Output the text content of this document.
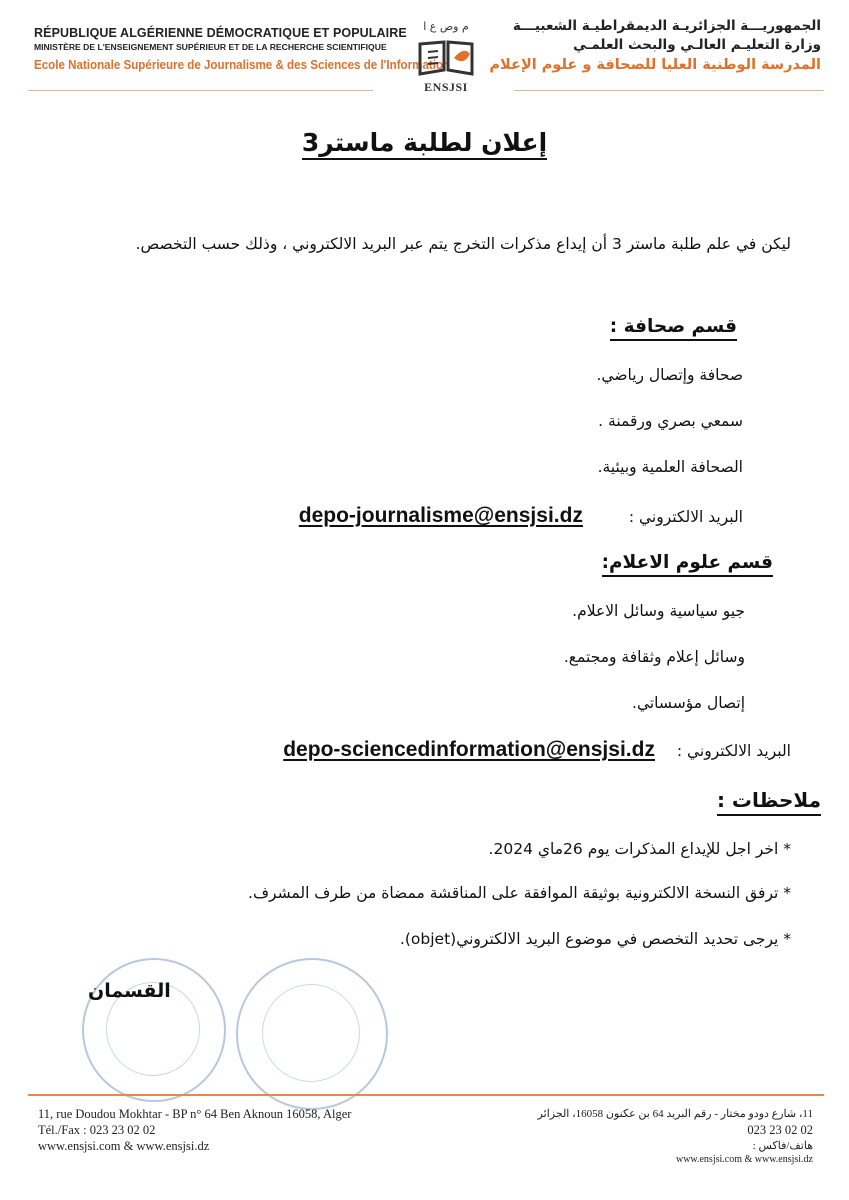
RÉPUBLIQUE ALGÉRIENNE DÉMOCRATIQUE ET POPULAIRE
MINISTÈRE DE L'ENSEIGNEMENT SUPÉRIEUR ET DE LA RECHERCHE SCIENTIFIQUE
Ecole Nationale Supérieure de Journalisme & des Sciences de l'Information
م وص ع ا
ENSJSI
الجمهوريـــة الجزائريـة الديمقراطيـة الشعبيـــة
وزارة التعليـم العالـي والبحث العلمـي
المدرسة الوطنية العليا للصحافة و علوم الإعلام
إعلان لطلبة ماستر3
ليكن في علم طلبة ماستر 3 أن إيداع مذكرات التخرج يتم عبر البريد الالكتروني ، وذلك حسب التخصص.
قسم صحافة :
صحافة وإتصال رياضي.
سمعي بصري ورقمنة .
الصحافة العلمية وبيئية.
البريد الالكتروني :  depo-journalisme@ensjsi.dz
قسم علوم الاعلام:
جيو سياسية وسائل الاعلام.
وسائل إعلام وثقافة ومجتمع.
إتصال مؤسساتي.
البريد الالكتروني :  depo-sciencedinformation@ensjsi.dz
ملاحظات :
* اخر اجل للإيداع المذكرات يوم 26ماي 2024.
* ترفق النسخة الالكترونية بوثيقة الموافقة على المناقشة ممضاة من طرف المشرف.
* يرجى تحديد التخصص في موضوع البريد الالكتروني(objet).
القسمان
11, rue Doudou Mokhtar - BP n° 64 Ben Aknoun 16058, Alger
Tél./Fax : 023 23 02 02
www.ensjsi.com & www.ensjsi.dz
11، شارع دودو مختار - رقم البريد 64 بن عكنون 16058، الجزائر
023 23 02 02
هاتف/فاكس :
www.ensjsi.com & www.ensjsi.dz
